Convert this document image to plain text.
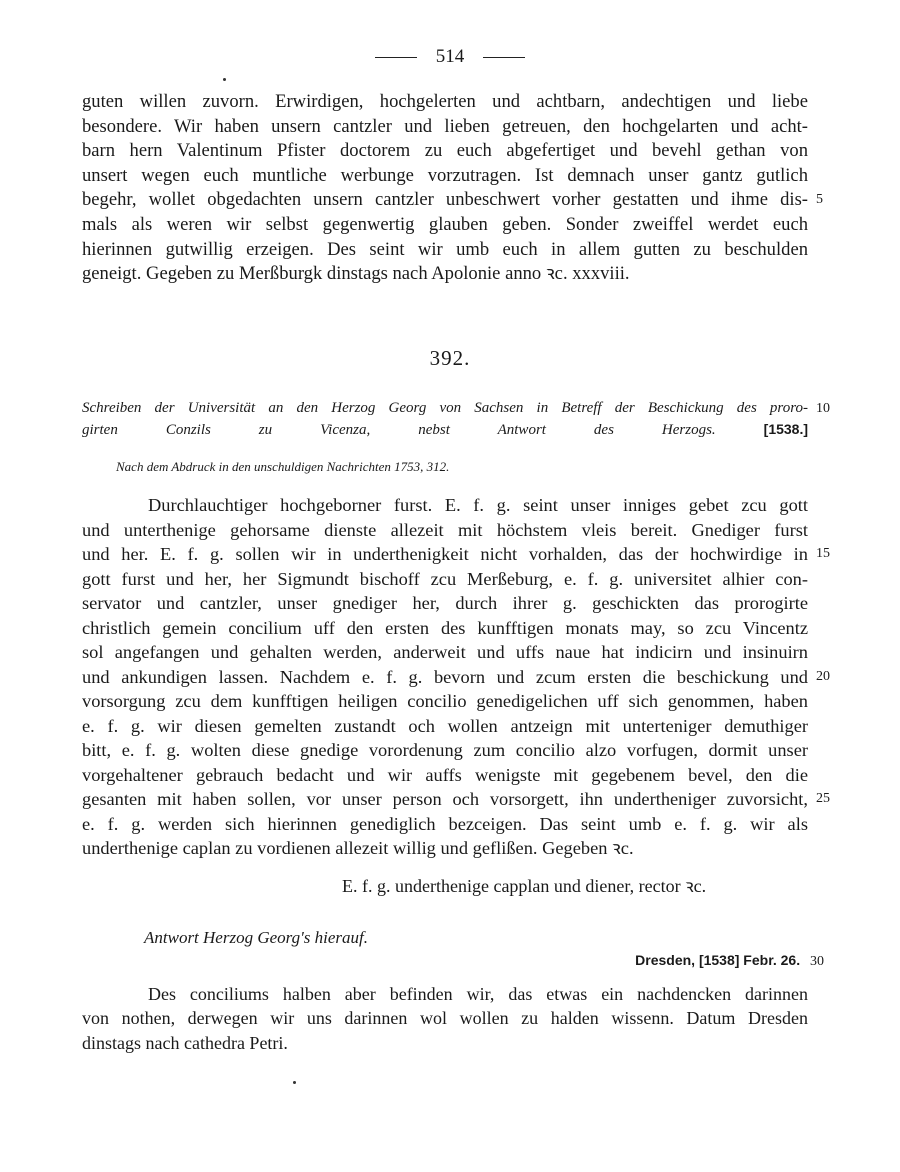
514
guten willen zuvorn. Erwirdigen, hochgelerten und achtbarn, andechtigen und liebe
besondere. Wir haben unsern cantzler und lieben getreuen, den hochgelarten und acht-
barn hern Valentinum Pfister doctorem zu euch abgefertiget und bevehl gethan von
unsert wegen euch muntliche werbunge vorzutragen. Ist demnach unser gantz gutlich
begehr, wollet obgedachten unsern cantzler unbeschwert vorher gestatten und ihme dis- 5
mals als weren wir selbst gegenwertig glauben geben. Sonder zweiffel werdet euch
hierinnen gutwillig erzeigen. Des seint wir umb euch in allem gutten zu beschulden
geneigt. Gegeben zu Merßburgk dinstags nach Apolonie anno ꝛc. xxxviii.
392.
Schreiben der Universität an den Herzog Georg von Sachsen in Betreff der Beschickung des proro- 10
girten Conzils zu Vicenza, nebst Antwort des Herzogs.	[1538.]
Nach dem Abdruck in den unschuldigen Nachrichten 1753, 312.
Durchlauchtiger hochgeborner furst. E. f. g. seint unser inniges gebet zcu gott
und unterthenige gehorsame dienste allezeit mit höchstem vleis bereit. Gnediger furst
und her. E. f. g. sollen wir in underthenigkeit nicht vorhalden, das der hochwirdige in 15
gott furst und her, her Sigmundt bischoff zcu Merßeburg, e. f. g. universitet alhier con-
servator und cantzler, unser gnediger her, durch ihrer g. geschickten das prorogirte
christlich gemein concilium uff den ersten des kunfftigen monats may, so zcu Vincentz
sol angefangen und gehalten werden, anderweit und uffs naue hat indicirn und insinuirn
und ankundigen lassen. Nachdem e. f. g. bevorn und zcum ersten die beschickung und 20
vorsorgung zcu dem kunfftigen heiligen concilio genedigelichen uff sich genommen, haben
e. f. g. wir diesen gemelten zustandt och wollen antzeign mit unterteniger demuthiger
bitt, e. f. g. wolten diese gnedige vorordenung zum concilio alzo vorfugen, dormit unser
vorgehaltener gebrauch bedacht und wir auffs wenigste mit gegebenem bevel, den die
gesanten mit haben sollen, vor unser person och vorsorgett, ihn undertheniger zuvorsicht, 25
e. f. g. werden sich hierinnen genediglich bezceigen. Das seint umb e. f. g. wir als
underthenige caplan zu vordienen allezeit willig und geflißen. Gegeben ꝛc.
E. f. g. underthenige capplan und diener, rector ꝛc.
Antwort Herzog Georg's hierauf.
Dresden, [1538] Febr. 26. 30
Des conciliums halben aber befinden wir, das etwas ein nachdencken darinnen
von nothen, derwegen wir uns darinnen wol wollen zu halden wissenn. Datum Dresden
dinstags nach cathedra Petri.
